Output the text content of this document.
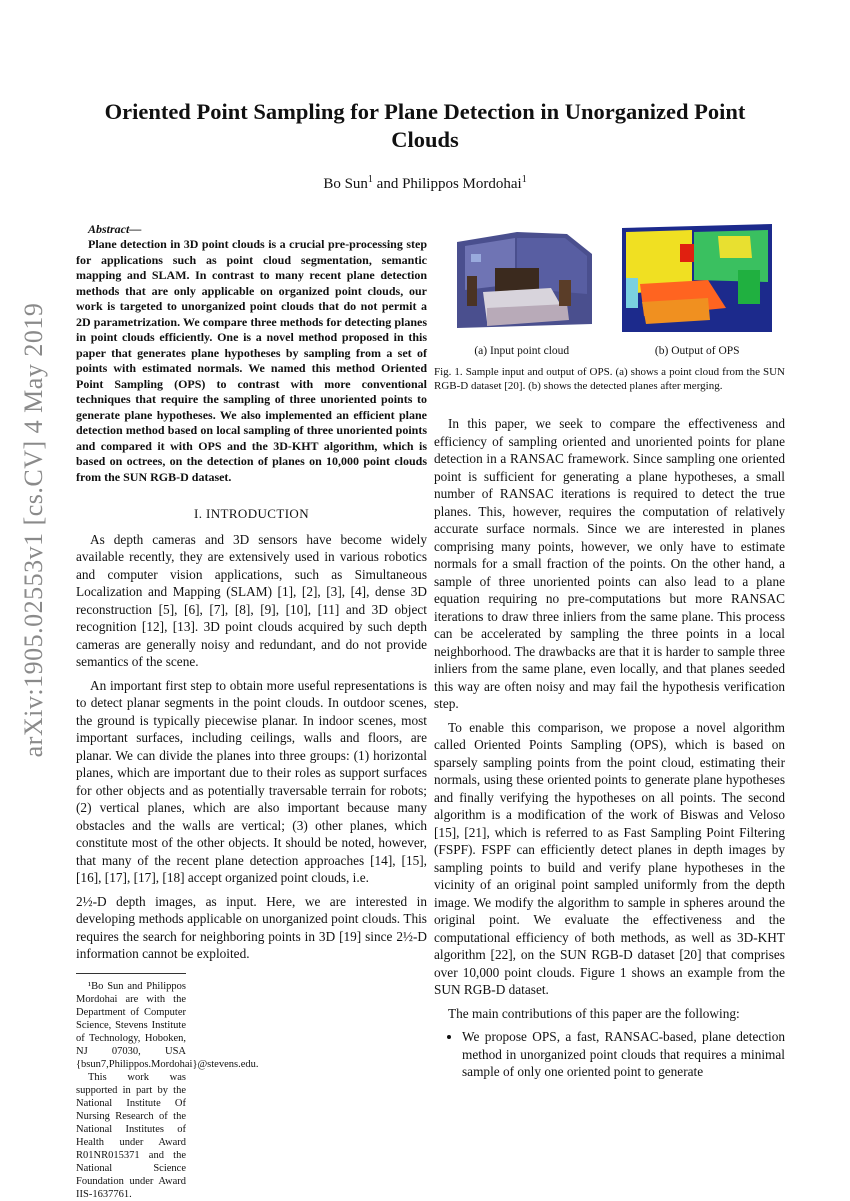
arXiv:1905.02553v1 [cs.CV] 4 May 2019
Oriented Point Sampling for Plane Detection in Unorganized Point Clouds
Bo Sun$^1$ and Philippos Mordohai$^1$

Abstract—

Plane detection in 3D point clouds is a crucial pre-processing step for applications such as point cloud segmentation, semantic mapping and SLAM. In contrast to many recent plane detection methods that are only applicable on organized point clouds, our work is targeted to unorganized point clouds that do not permit a 2D parametrization. We compare three methods for detecting planes in point clouds efficiently. One is a novel method proposed in this paper that generates plane hypotheses by sampling from a set of points with estimated normals. We named this method Oriented Point Sampling (OPS) to contrast with more conventional techniques that require the sampling of three unoriented points to generate plane hypotheses. We also implemented an efficient plane detection method based on local sampling of three unoriented points and compared it with OPS and the 3D-KHT algorithm, which is based on octrees, on the detection of planes on 10,000 point clouds from the SUN RGB-D dataset.

I. INTRODUCTION

As depth cameras and 3D sensors have become widely available recently, they are extensively used in various robotics and computer vision applications, such as Simultaneous Localization and Mapping (SLAM) [1], [2], [3], [4], dense 3D reconstruction [5], [6], [7], [8], [9], [10], [11] and 3D object recognition [12], [13]. 3D point clouds acquired by such depth cameras are generally noisy and redundant, and do not provide semantics of the scene.

An important first step to obtain more useful representations is to detect planar segments in the point clouds. In outdoor scenes, the ground is typically piecewise planar. In indoor scenes, most important surfaces, including ceilings, walls and floors, are planar. We can divide the planes into three groups: (1) horizontal planes, which are important due to their roles as support surfaces for other objects and as potentially traversable terrain for robots; (2) vertical planes, which are also important because many obstacles and the walls are vertical; (3) other planes, which constitute most of the other objects. It should be noted, however, that many of the recent plane detection approaches [14], [15], [16], [17], [17], [18] accept organized point clouds, i.e.

2½-D depth images, as input. Here, we are interested in developing methods applicable on unorganized point clouds. This requires the search for neighboring points in 3D [19] since 2½-D information cannot be exploited.

¹Bo Sun and Philippos Mordohai are with the Department of Computer Science, Stevens Institute of Technology, Hoboken, NJ 07030, USA {bsun7,Philippos.Mordohai}@stevens.edu.

This work was supported in part by the National Institute Of Nursing Research of the National Institutes of Health under Award R01NR015371 and the National Science Foundation under Award IIS-1637761.

(a) Input point cloud	(b) Output of OPS
Fig. 1. Sample input and output of OPS. (a) shows a point cloud from the SUN RGB-D dataset [20]. (b) shows the detected planes after merging.

In this paper, we seek to compare the effectiveness and efficiency of sampling oriented and unoriented points for plane detection in a RANSAC framework. Since sampling one oriented point is sufficient for generating a plane hypotheses, a small number of RANSAC iterations is required to detect the true planes. This, however, requires the computation of relatively accurate surface normals. Since we are interested in planes comprising many points, however, we only have to estimate normals for a small fraction of the points. On the other hand, a sample of three unoriented points can also lead to a plane equation requiring no pre-computations but more RANSAC iterations to draw three inliers from the same plane. This process can be accelerated by sampling the three points in a local neighborhood. The drawbacks are that it is harder to sample three inliers from the same plane, even locally, and that planes seeded this way are often noisy and may fail the hypothesis verification step.

To enable this comparison, we propose a novel algorithm called Oriented Points Sampling (OPS), which is based on sparsely sampling points from the point cloud, estimating their normals, using these oriented points to generate plane hypotheses and finally verifying the hypotheses on all points. The second algorithm is a modification of the work of Biswas and Veloso [15], [21], which is referred to as Fast Sampling Point Filtering (FSPF). FSPF can efficiently detect planes in depth images by sampling points to build and verify plane hypotheses in the vicinity of an original point sampled uniformly from the depth image. We modify the algorithm to sample in spheres around the original point. We evaluate the effectiveness and the computational efficiency of both methods, as well as 3D-KHT algorithm [22], on the SUN RGB-D dataset [20] that comprises over 10,000 point clouds. Figure 1 shows an example from the SUN RGB-D dataset.

The main contributions of this paper are the following:

• We propose OPS, a fast, RANSAC-based, plane detection method in unorganized point clouds that requires a minimal sample of only one oriented point to generate
